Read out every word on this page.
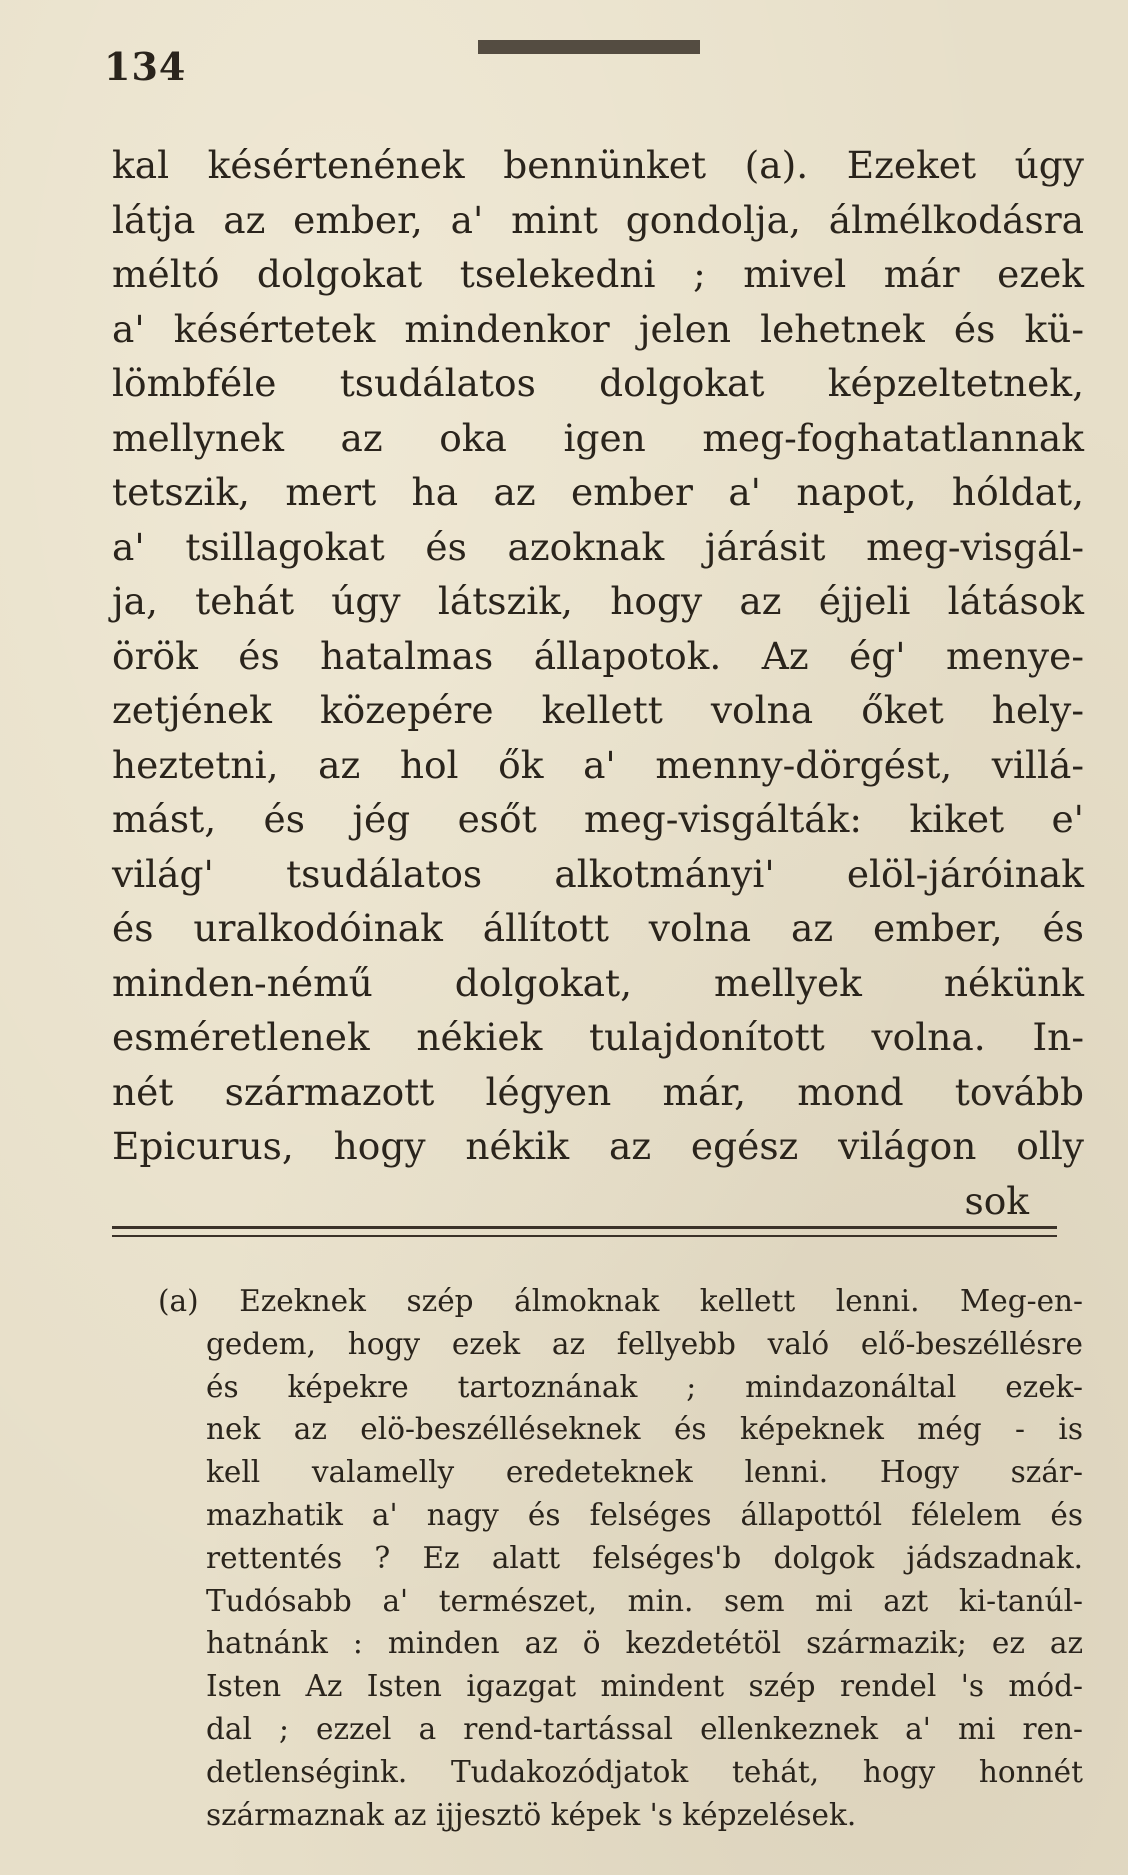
134
kal késértenének bennünket (a). Ezeket úgy
látja az ember, a' mint gondolja, álmélkodásra
méltó dolgokat tselekedni ; mivel már ezek
a' késértetek mindenkor jelen lehetnek és kü-
lömbféle tsudálatos dolgokat képzeltetnek,
mellynek az oka igen meg-foghatatlannak
tetszik, mert ha az ember a' napot, hóldat,
a' tsillagokat és azoknak járásit meg-visgál-
ja, tehát úgy látszik, hogy az éjjeli látások
örök és hatalmas állapotok. Az ég' menye-
zetjének közepére kellett volna őket hely-
heztetni, az hol ők a' menny-dörgést, villá-
mást, és jég esőt meg-visgálták: kiket e'
világ' tsudálatos alkotmányi' elöl-járóinak
és uralkodóinak állított volna az ember, és
minden-némű dolgokat, mellyek nékünk
esméretlenek nékiek tulajdonított volna. In-
nét származott légyen már, mond tovább
Epicurus, hogy nékik az egész világon olly
sok
(a) Ezeknek szép álmoknak kellett lenni. Meg-en-
gedem, hogy ezek az fellyebb való elő-beszéllésre
és képekre tartoznának ; mindazonáltal ezek-
nek az elö-beszélléseknek és képeknek még - is
kell valamelly eredeteknek lenni. Hogy szár-
mazhatik a' nagy és felséges állapottól félelem és
rettentés ? Ez alatt felséges'b dolgok jádszadnak.
Tudósabb a' természet, min. sem mi azt ki-tanúl-
hatnánk : minden az ö kezdetétöl származik; ez az
Isten Az Isten igazgat mindent szép rendel 's mód-
dal ; ezzel a rend-tartással ellenkeznek a' mi ren-
detlenségink. Tudakozódjatok tehát, hogy honnét
származnak az ijjesztö képek 's képzelések.
